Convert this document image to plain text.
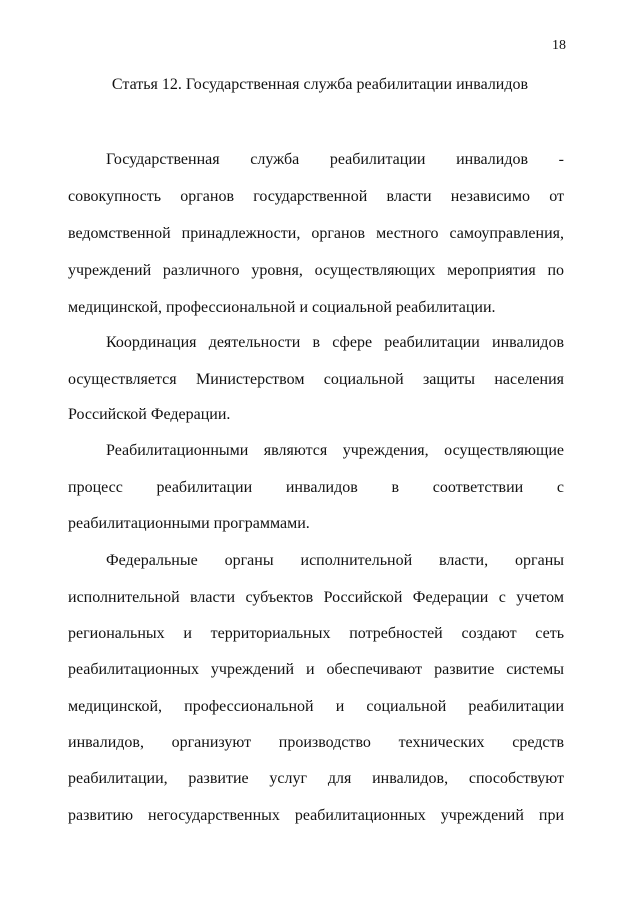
18
Статья 12. Государственная служба реабилитации инвалидов
Государственная служба реабилитации инвалидов -
совокупность органов государственной власти независимо от
ведомственной принадлежности, органов местного самоуправления,
учреждений различного уровня, осуществляющих мероприятия по
медицинской, профессиональной и социальной реабилитации.
Координация деятельности в сфере реабилитации инвалидов
осуществляется Министерством социальной защиты населения
Российской Федерации.
Реабилитационными являются учреждения, осуществляющие
процесс реабилитации инвалидов в соответствии с
реабилитационными программами.
Федеральные органы исполнительной власти, органы
исполнительной власти субъектов Российской Федерации с учетом
региональных и территориальных потребностей создают сеть
реабилитационных учреждений и обеспечивают развитие системы
медицинской, профессиональной и социальной реабилитации
инвалидов, организуют производство технических средств
реабилитации, развитие услуг для инвалидов, способствуют
развитию негосударственных реабилитационных учреждений при
